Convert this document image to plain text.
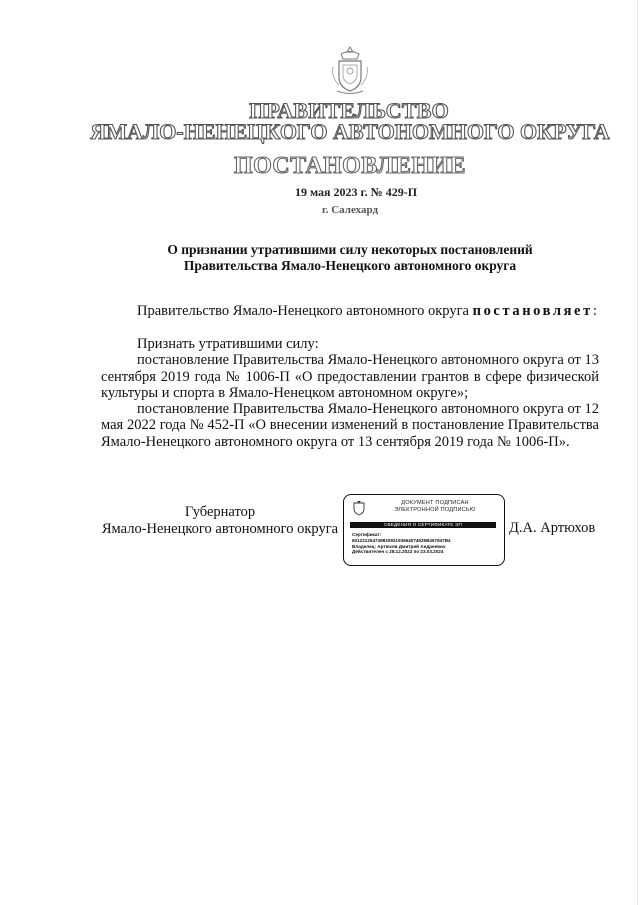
ПРАВИТЕЛЬСТВО
ЯМАЛО-НЕНЕЦКОГО АВТОНОМНОГО ОКРУГА
ПОСТАНОВЛЕНИЕ
19 мая 2023 г. № 429-П
г. Салехард
О признании утратившими силу некоторых постановлений
Правительства Ямало-Ненецкого автономного округа
Правительство Ямало-Ненецкого автономного округа постановляет:

Признать утратившими силу:

постановление Правительства Ямало-Ненецкого автономного округа от 13 сентября 2019 года № 1006-П «О предоставлении грантов в сфере физической культуры и спорта в Ямало-Ненецком автономном округе»;

постановление Правительства Ямало-Ненецкого автономного округа от 12 мая 2022 года № 452-П «О внесении изменений в постановление Правительства Ямало-Ненецкого автономного округа от 13 сентября 2019 года № 1006-П».

Губернатор
Ямало-Ненецкого автономного округа
ДОКУМЕНТ ПОДПИСАН
ЭЛЕКТРОННОЙ ПОДПИСЬЮ
СВЕДЕНИЯ О СЕРТИФИКАТЕ ЭП
Сертификат:
60122125474982092193664074529B467847B4
Владелец: Артюхов Дмитрий Андреевич
Действителен с 28.12.2022 по 23.03.2024
Д.А. Артюхов
